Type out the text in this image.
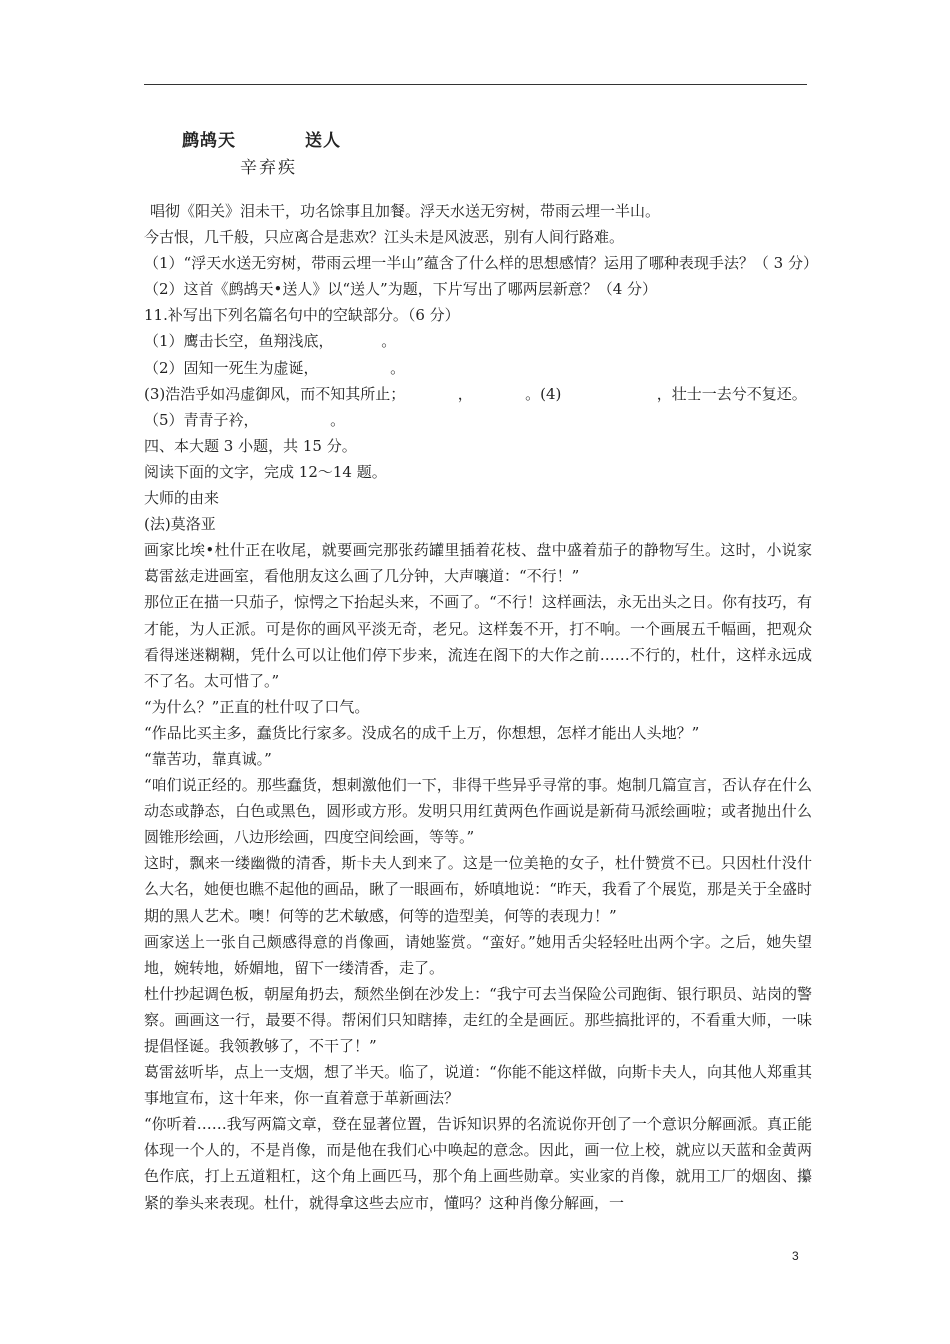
鹧鸪天	送人
辛弃疾

唱彻《阳关》泪未干，功名馀事且加餐。浮天水送无穷树，带雨云埋一半山。

今古恨，几千般，只应离合是悲欢？江头未是风波恶，别有人间行路难。

（1）“浮天水送无穷树，带雨云埋一半山”蕴含了什么样的思想感情？运用了哪种表现手法？（ 3 分）

（2）这首《鹧鸪天•送人》以“送人”为题，下片写出了哪两层新意？（4 分）

11.补写出下列名篇名句中的空缺部分。（6 分）

（1）鹰击长空，鱼翔浅底，          。

（2）固知一死生为虚诞，               。

(3)浩浩乎如冯虚御风，而不知其所止；           ，           。(4)                    ，壮士一去兮不复还。

（5）青青子衿，               。

四、本大题 3 小题，共 15 分。

阅读下面的文字，完成 12～14 题。

大师的由来

(法)莫洛亚

画家比埃•杜什正在收尾，就要画完那张药罐里插着花枝、盘中盛着茄子的静物写生。这时，小说家葛雷兹走进画室，看他朋友这么画了几分钟，大声嚷道：“不行！”

那位正在描一只茄子，惊愕之下抬起头来，不画了。“不行！这样画法，永无出头之日。你有技巧，有才能，为人正派。可是你的画风平淡无奇，老兄。这样轰不开，打不响。一个画展五千幅画，把观众看得迷迷糊糊，凭什么可以让他们停下步来，流连在阁下的大作之前……不行的，杜什，这样永远成不了名。太可惜了。”

“为什么？”正直的杜什叹了口气。

“作品比买主多，蠢货比行家多。没成名的成千上万，你想想，怎样才能出人头地？”

“靠苦功，靠真诚。”

“咱们说正经的。那些蠢货，想刺激他们一下，非得干些异乎寻常的事。炮制几篇宣言，否认存在什么动态或静态，白色或黑色，圆形或方形。发明只用红黄两色作画说是新荷马派绘画啦；或者抛出什么圆锥形绘画，八边形绘画，四度空间绘画，等等。”

这时，飘来一缕幽微的清香，斯卡夫人到来了。这是一位美艳的女子，杜什赞赏不已。只因杜什没什么大名，她便也瞧不起他的画品，瞅了一眼画布，娇嗔地说：“昨天，我看了个展览，那是关于全盛时期的黑人艺术。噢！何等的艺术敏感，何等的造型美，何等的表现力！”

画家送上一张自己颇感得意的肖像画，请她鉴赏。“蛮好。”她用舌尖轻轻吐出两个字。之后，她失望地，婉转地，娇媚地，留下一缕清香，走了。

杜什抄起调色板，朝屋角扔去，颓然坐倒在沙发上：“我宁可去当保险公司跑街、银行职员、站岗的警察。画画这一行，最要不得。帮闲们只知瞎捧，走红的全是画匠。那些搞批评的，不看重大师，一味提倡怪诞。我领教够了，不干了！”

葛雷兹听毕，点上一支烟，想了半天。临了，说道：“你能不能这样做，向斯卡夫人，向其他人郑重其事地宣布，这十年来，你一直着意于革新画法？

“你听着……我写两篇文章，登在显著位置，告诉知识界的名流说你开创了一个意识分解画派。真正能体现一个人的，不是肖像，而是他在我们心中唤起的意念。因此，画一位上校，就应以天蓝和金黄两色作底，打上五道粗杠，这个角上画匹马，那个角上画些勋章。实业家的肖像，就用工厂的烟囱、攥紧的拳头来表现。杜什，就得拿这些去应市，懂吗？这种肖像分解画，一

3
